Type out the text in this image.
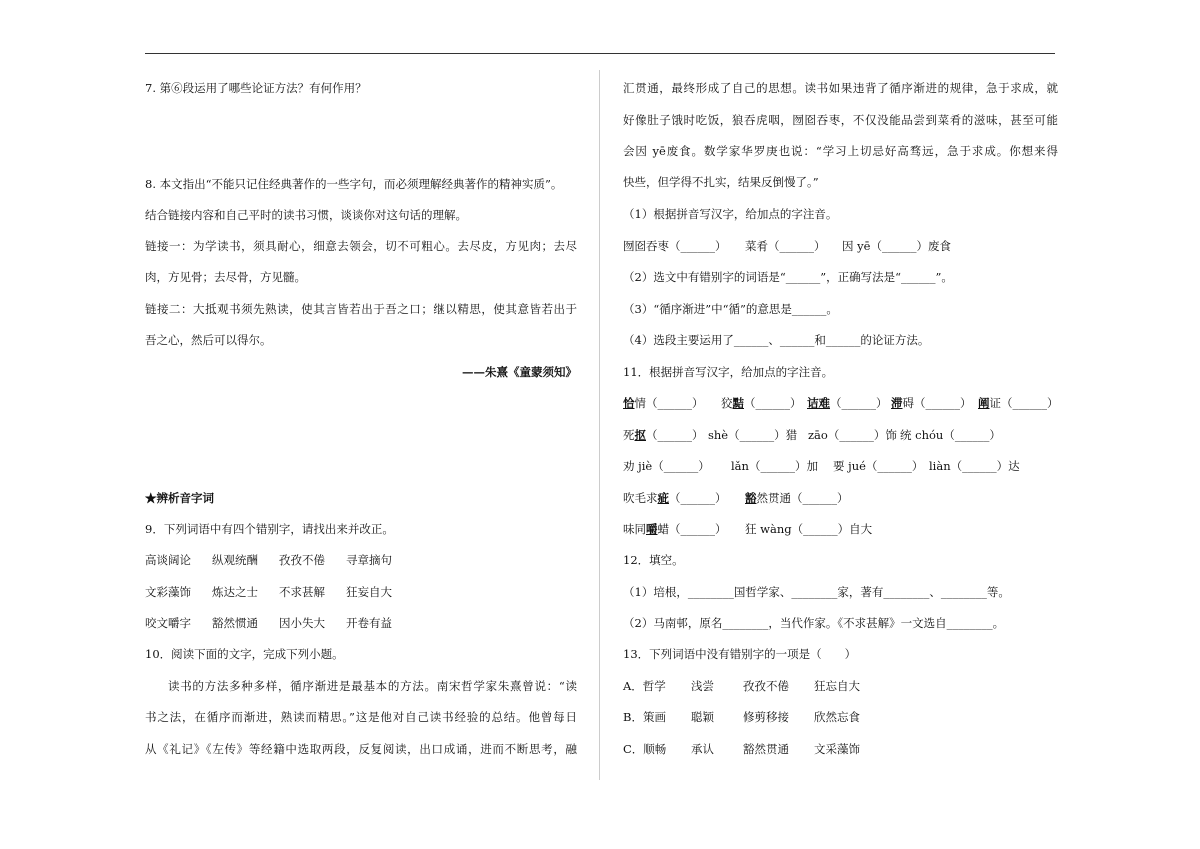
7. 第⑥段运用了哪些论证方法？有何作用？
8. 本文指出“不能只记住经典著作的一些字句，而必须理解经典著作的精神实质”。
结合链接内容和自己平时的读书习惯，谈谈你对这句话的理解。
链接一：为学读书，须具耐心，细意去领会，切不可粗心。去尽皮，方见肉；去尽
肉，方见骨；去尽骨，方见髓。
链接二：大抵观书须先熟读，使其言皆若出于吾之口；继以精思，使其意皆若出于
吾之心，然后可以得尔。
——朱熹《童蒙须知》
★辨析音字词
9．下列词语中有四个错别字，请找出来并改正。
高谈阔论 纵观统酬 孜孜不倦 寻章摘句
文彩藻饰 炼达之士 不求甚解 狂妄自大
咬文嚼字 豁然惯通 因小失大 开卷有益
10．阅读下面的文字，完成下列小题。
读书的方法多种多样，循序渐进是最基本的方法。南宋哲学家朱熹曾说：“读
书之法，在循序而渐进，熟读而精思。”这是他对自己读书经验的总结。他曾每日
从《礼记》《左传》等经籍中选取两段，反复阅读，出口成诵，进而不断思考，融
汇贯通，最终形成了自己的思想。读书如果违背了循序渐进的规律，急于求成，就
好像肚子饿时吃饭，狼吞虎咽，囫囵吞枣，不仅没能品尝到菜肴的滋味，甚至可能
会因 yē废食。数学家华罗庚也说：“学习上切忌好高骛远，急于求成。你想来得
快些，但学得不扎实，结果反倒慢了。”
（1）根据拼音写汉字，给加点的字注音。
囫囵吞枣（______） 菜肴（______） 因 yē（______）废食
（2）选文中有错别字的词语是“______”，正确写法是“______”。
（3）“循序渐进”中“循”的意思是______。
（4）选段主要运用了______、______和______的论证方法。
11．根据拼音写汉字，给加点的字注音。
恰情（______） 狡黠（______） 诘难（______） 滞碍（______） 阐证（______）
死抠（______） shè（______）猎 zāo（______）饰 统 chóu（______）
劝 jiè（______） lǎn（______）加 要 jué（______） liàn（______）达
吹毛求疵（______） 豁然贯通（______）
味同嚼蜡（______） 狂 wàng（______）自大
12．填空。
（1）培根，________国哲学家、________家，著有________、________等。
（2）马南邨，原名________，当代作家。《不求甚解》一文选自________。
13．下列词语中没有错别字的一项是（　　）
A．哲学 浅尝	孜孜不倦 狂忘自大
B．策画 聪颖	修剪移接 欣然忘食
C．顺畅 承认	豁然贯通 文采藻饰
